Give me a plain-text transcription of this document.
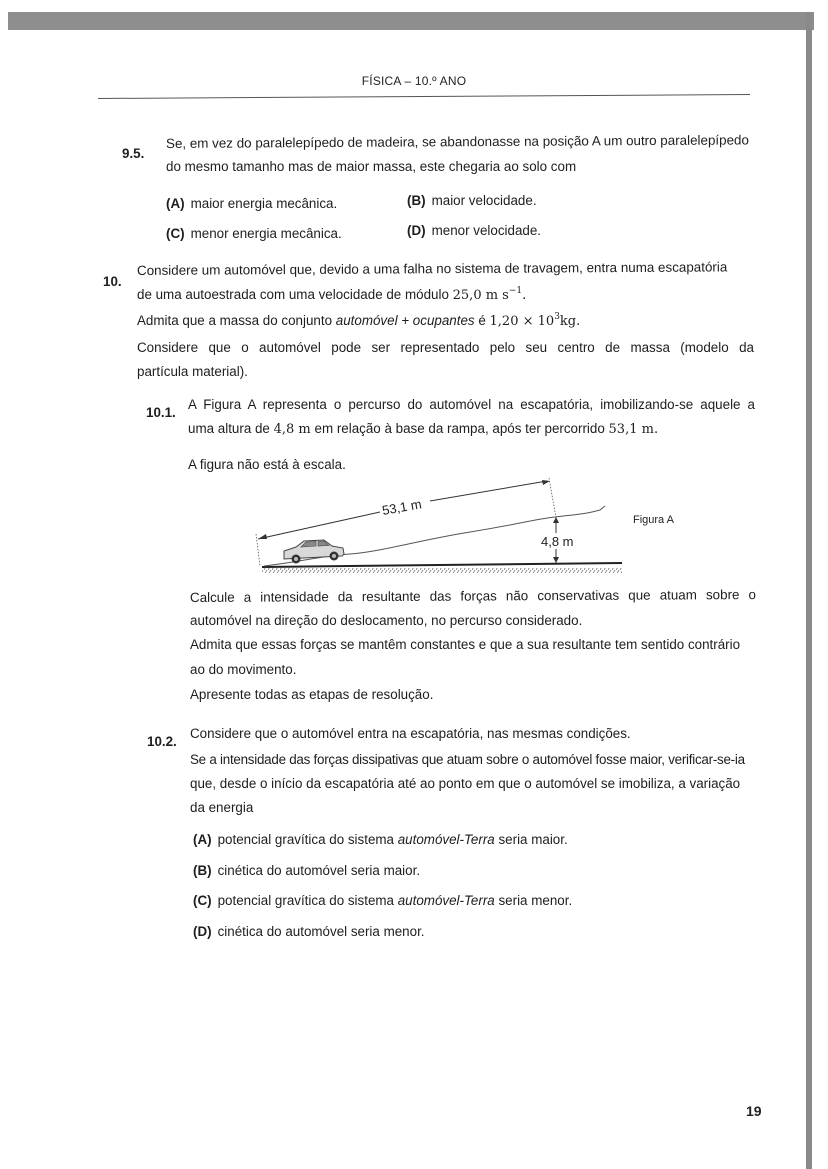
FÍSICA – 10.º ANO
9.5.
Se, em vez do paralelepípedo de madeira, se abandonasse na posição A um outro paralelepípedo
do mesmo tamanho mas de maior massa, este chegaria ao solo com
(A) maior energia mecânica.	(B) maior velocidade.
(C) menor energia mecânica.	(D) menor velocidade.
10.
Considere um automóvel que, devido a uma falha no sistema de travagem, entra numa escapatória
de uma autoestrada com uma velocidade de módulo 25,0 m $s^{-1}$.
Admita que a massa do conjunto automóvel + ocupantes é $1,20 \times 10^3kg$.
Considere que o automóvel pode ser representado pelo seu centro de massa (modelo da
partícula material).
10.1.
A Figura A representa o percurso do automóvel na escapatória, imobilizando-se aquele a
uma altura de 4,8 m em relação à base da rampa, após ter percorrido 53,1 m.
A figura não está à escala.
53,1 m
4,8 m
Figura A
Calcule a intensidade da resultante das forças não conservativas que atuam sobre o
automóvel na direção do deslocamento, no percurso considerado.
Admita que essas forças se mantêm constantes e que a sua resultante tem sentido contrário
ao do movimento.
Apresente todas as etapas de resolução.
10.2.
Considere que o automóvel entra na escapatória, nas mesmas condições.
Se a intensidade das forças dissipativas que atuam sobre o automóvel fosse maior, verificar-se-ia
que, desde o início da escapatória até ao ponto em que o automóvel se imobiliza, a variação
da energia
(A) potencial gravítica do sistema automóvel-Terra seria maior.
(B) cinética do automóvel seria maior.
(C) potencial gravítica do sistema automóvel-Terra seria menor.
(D) cinética do automóvel seria menor.
19
